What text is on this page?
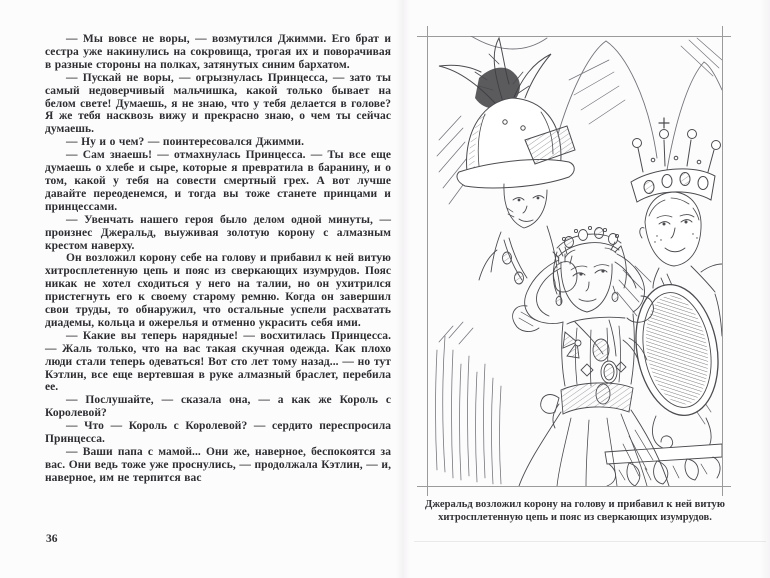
— Мы вовсе не воры, — возмутился Джимми. Его брат и сестра уже накинулись на сокровища, трогая их и поворачивая в разные стороны на полках, затянутых синим бархатом.

— Пускай не воры, — огрызнулась Принцесса, — зато ты самый недоверчивый мальчишка, какой только бывает на белом свете! Думаешь, я не знаю, что у тебя делается в голове? Я же тебя насквозь вижу и прекрасно знаю, о чем ты сейчас думаешь.

— Ну и о чем? — поинтересовался Джимми.

— Сам знаешь! — отмахнулась Принцесса. — Ты все еще думаешь о хлебе и сыре, которые я превратила в баранину, и о том, какой у тебя на совести смертный грех. А вот лучше давайте переоденемся, и тогда вы тоже станете принцами и принцессами.

— Увенчать нашего героя было делом одной минуты, — произнес Джеральд, выуживая золотую корону с алмазным крестом наверху.

Он возложил корону себе на голову и прибавил к ней витую хитросплетенную цепь и пояс из сверкающих изумрудов. Пояс никак не хотел сходиться у него на талии, но он ухитрился пристегнуть его к своему старому ремню. Когда он завершил свои труды, то обнаружил, что остальные успели расхватать диадемы, кольца и ожерелья и отменно украсить себя ими.

— Какие вы теперь нарядные! — восхитилась Принцесса. — Жаль только, что на вас такая скучная одежда. Как плохо люди стали теперь одеваться! Вот сто лет тому назад... — но тут Кэтлин, все еще вертевшая в руке алмазный браслет, перебила ее.

— Послушайте, — сказала она, — а как же Король с Королевой?

— Что — Король с Королевой? — сердито переспросила Принцесса.

— Ваши папа с мамой... Они же, наверное, беспокоятся за вас. Они ведь тоже уже проснулись, — продолжала Кэтлин, — и, наверное, им не терпится вас

36
Джеральд возложил корону на голову и прибавил к ней витую
хитросплетенную цепь и пояс из сверкающих изумрудов.
